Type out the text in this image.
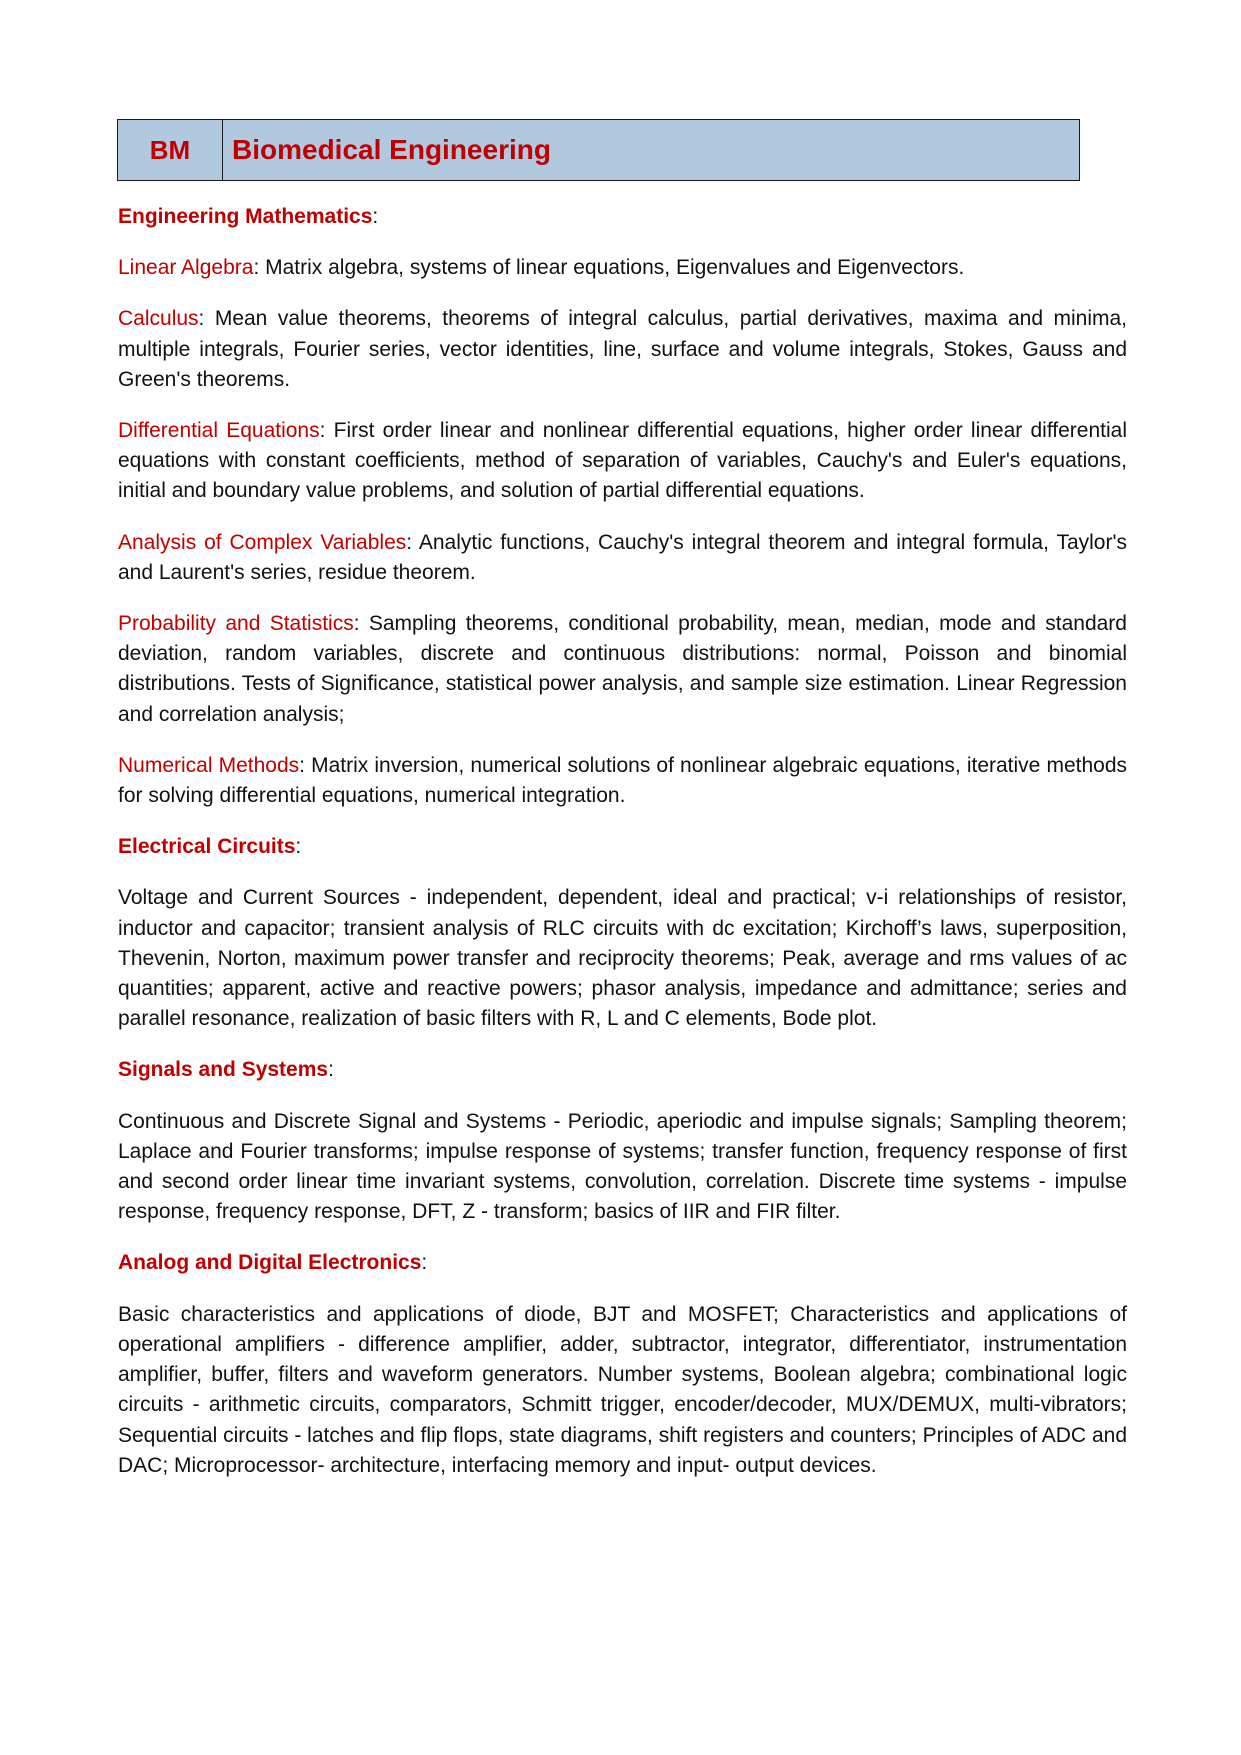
BM	Biomedical Engineering
Engineering Mathematics:

Linear Algebra: Matrix algebra, systems of linear equations, Eigenvalues and Eigenvectors.

Calculus: Mean value theorems, theorems of integral calculus, partial derivatives, maxima and minima, multiple integrals, Fourier series, vector identities, line, surface and volume integrals, Stokes, Gauss and Green's theorems.

Differential Equations: First order linear and nonlinear differential equations, higher order linear differential equations with constant coefficients, method of separation of variables, Cauchy's and Euler's equations, initial and boundary value problems, and solution of partial differential equations.

Analysis of Complex Variables: Analytic functions, Cauchy's integral theorem and integral formula, Taylor's and Laurent's series, residue theorem.

Probability and Statistics: Sampling theorems, conditional probability, mean, median, mode and standard deviation, random variables, discrete and continuous distributions: normal, Poisson and binomial distributions. Tests of Significance, statistical power analysis, and sample size estimation. Linear Regression and correlation analysis;

Numerical Methods: Matrix inversion, numerical solutions of nonlinear algebraic equations, iterative methods for solving differential equations, numerical integration.

Electrical Circuits:

Voltage and Current Sources - independent, dependent, ideal and practical; v-i relationships of resistor, inductor and capacitor; transient analysis of RLC circuits with dc excitation; Kirchoff’s laws, superposition, Thevenin, Norton, maximum power transfer and reciprocity theorems; Peak, average and rms values of ac quantities; apparent, active and reactive powers; phasor analysis, impedance and admittance; series and parallel resonance, realization of basic filters with R, L and C elements, Bode plot.

Signals and Systems:

Continuous and Discrete Signal and Systems - Periodic, aperiodic and impulse signals; Sampling theorem; Laplace and Fourier transforms; impulse response of systems; transfer function, frequency response of first and second order linear time invariant systems, convolution, correlation. Discrete time systems - impulse response, frequency response, DFT, Z - transform; basics of IIR and FIR filter.

Analog and Digital Electronics:

Basic characteristics and applications of diode, BJT and MOSFET; Characteristics and applications of operational amplifiers - difference amplifier, adder, subtractor, integrator, differentiator, instrumentation amplifier, buffer, filters and waveform generators. Number systems, Boolean algebra; combinational logic circuits - arithmetic circuits, comparators, Schmitt trigger, encoder/decoder, MUX/DEMUX, multi-vibrators; Sequential circuits - latches and flip flops, state diagrams, shift registers and counters; Principles of ADC and DAC; Microprocessor- architecture, interfacing memory and input- output devices.
